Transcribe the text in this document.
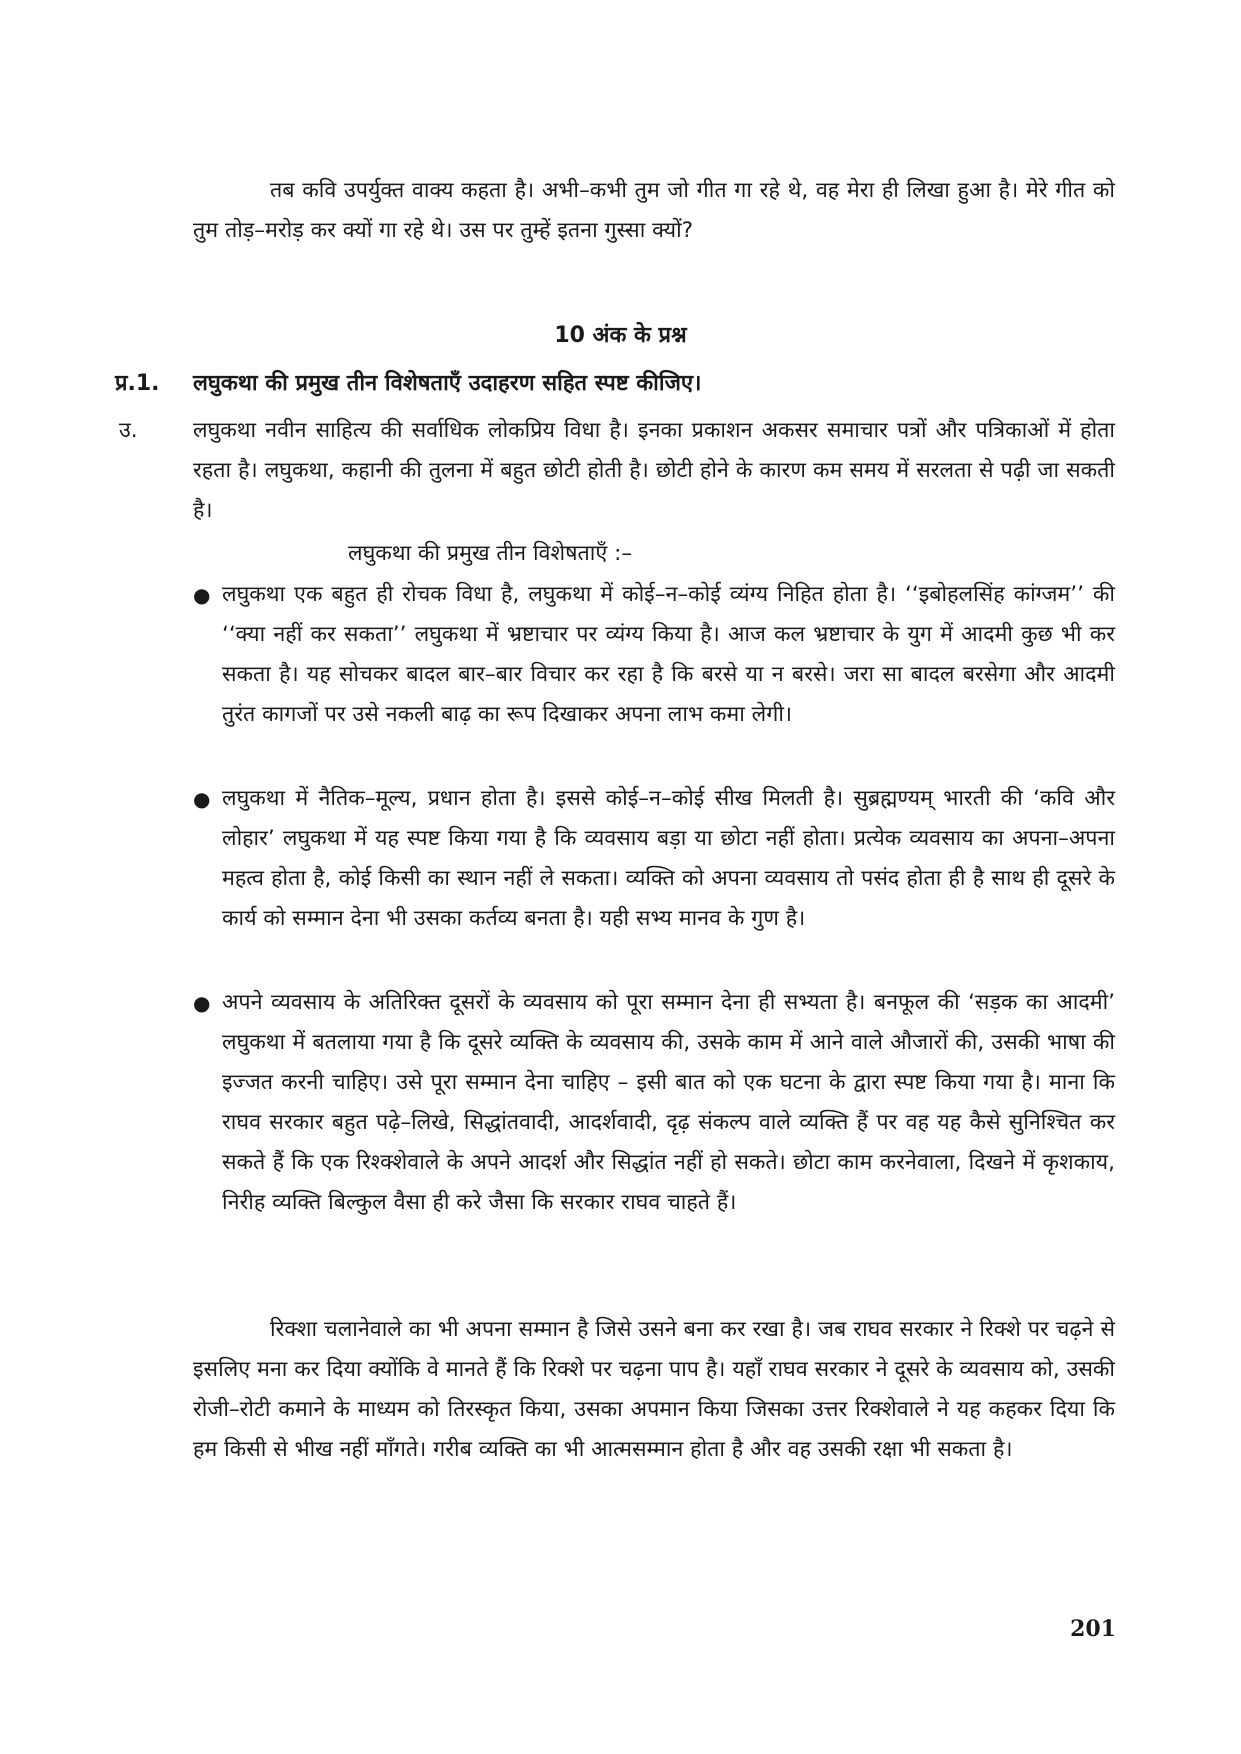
तब कवि उपर्युक्त वाक्य कहता है। अभी–कभी तुम जो गीत गा रहे थे, वह मेरा ही लिखा हुआ है। मेरे गीत को तुम तोड़–मरोड़ कर क्यों गा रहे थे। उस पर तुम्हें इतना गुस्सा क्यों?
10 अंक के प्रश्न
प्र.1. लघुकथा की प्रमुख तीन विशेषताएँ उदाहरण सहित स्पष्ट कीजिए।
उ.	लघुकथा नवीन साहित्य की सर्वाधिक लोकप्रिय विधा है। इनका प्रकाशन अकसर समाचार पत्रों और पत्रिकाओं में होता रहता है। लघुकथा, कहानी की तुलना में बहुत छोटी होती है। छोटी होने के कारण कम समय में सरलता से पढ़ी जा सकती है।
लघुकथा की प्रमुख तीन विशेषताएँ :–
● लघुकथा एक बहुत ही रोचक विधा है, लघुकथा में कोई–न–कोई व्यंग्य निहित होता है। ‘‘इबोहलसिंह कांग्जम’’ की ‘‘क्या नहीं कर सकता’’ लघुकथा में भ्रष्टाचार पर व्यंग्य किया है। आज कल भ्रष्टाचार के युग में आदमी कुछ भी कर सकता है। यह सोचकर बादल बार–बार विचार कर रहा है कि बरसे या न बरसे। जरा सा बादल बरसेगा और आदमी तुरंत कागजों पर उसे नकली बाढ़ का रूप दिखाकर अपना लाभ कमा लेगी।
● लघुकथा में नैतिक–मूल्य, प्रधान होता है। इससे कोई–न–कोई सीख मिलती है। सुब्रह्मण्यम् भारती की ‘कवि और लोहार’ लघुकथा में यह स्पष्ट किया गया है कि व्यवसाय बड़ा या छोटा नहीं होता। प्रत्येक व्यवसाय का अपना–अपना महत्व होता है, कोई किसी का स्थान नहीं ले सकता। व्यक्ति को अपना व्यवसाय तो पसंद होता ही है साथ ही दूसरे के कार्य को सम्मान देना भी उसका कर्तव्य बनता है। यही सभ्य मानव के गुण है।
● अपने व्यवसाय के अतिरिक्त दूसरों के व्यवसाय को पूरा सम्मान देना ही सभ्यता है। बनफूल की ‘सड़क का आदमी’ लघुकथा में बतलाया गया है कि दूसरे व्यक्ति के व्यवसाय की, उसके काम में आने वाले औजारों की, उसकी भाषा की इज्जत करनी चाहिए। उसे पूरा सम्मान देना चाहिए – इसी बात को एक घटना के द्वारा स्पष्ट किया गया है। माना कि राघव सरकार बहुत पढ़े–लिखे, सिद्धांतवादी, आदर्शवादी, दृढ़ संकल्प वाले व्यक्ति हैं पर वह यह कैसे सुनिश्चित कर सकते हैं कि एक रिश्क्शेवाले के अपने आदर्श और सिद्धांत नहीं हो सकते। छोटा काम करनेवाला, दिखने में कृशकाय, निरीह व्यक्ति बिल्कुल वैसा ही करे जैसा कि सरकार राघव चाहते हैं।
रिक्शा चलानेवाले का भी अपना सम्मान है जिसे उसने बना कर रखा है। जब राघव सरकार ने रिक्शे पर चढ़ने से इसलिए मना कर दिया क्योंकि वे मानते हैं कि रिक्शे पर चढ़ना पाप है। यहाँ राघव सरकार ने दूसरे के व्यवसाय को, उसकी रोजी–रोटी कमाने के माध्यम को तिरस्कृत किया, उसका अपमान किया जिसका उत्तर रिक्शेवाले ने यह कहकर दिया कि हम किसी से भीख नहीं माँगते। गरीब व्यक्ति का भी आत्मसम्मान होता है और वह उसकी रक्षा भी सकता है।
201
